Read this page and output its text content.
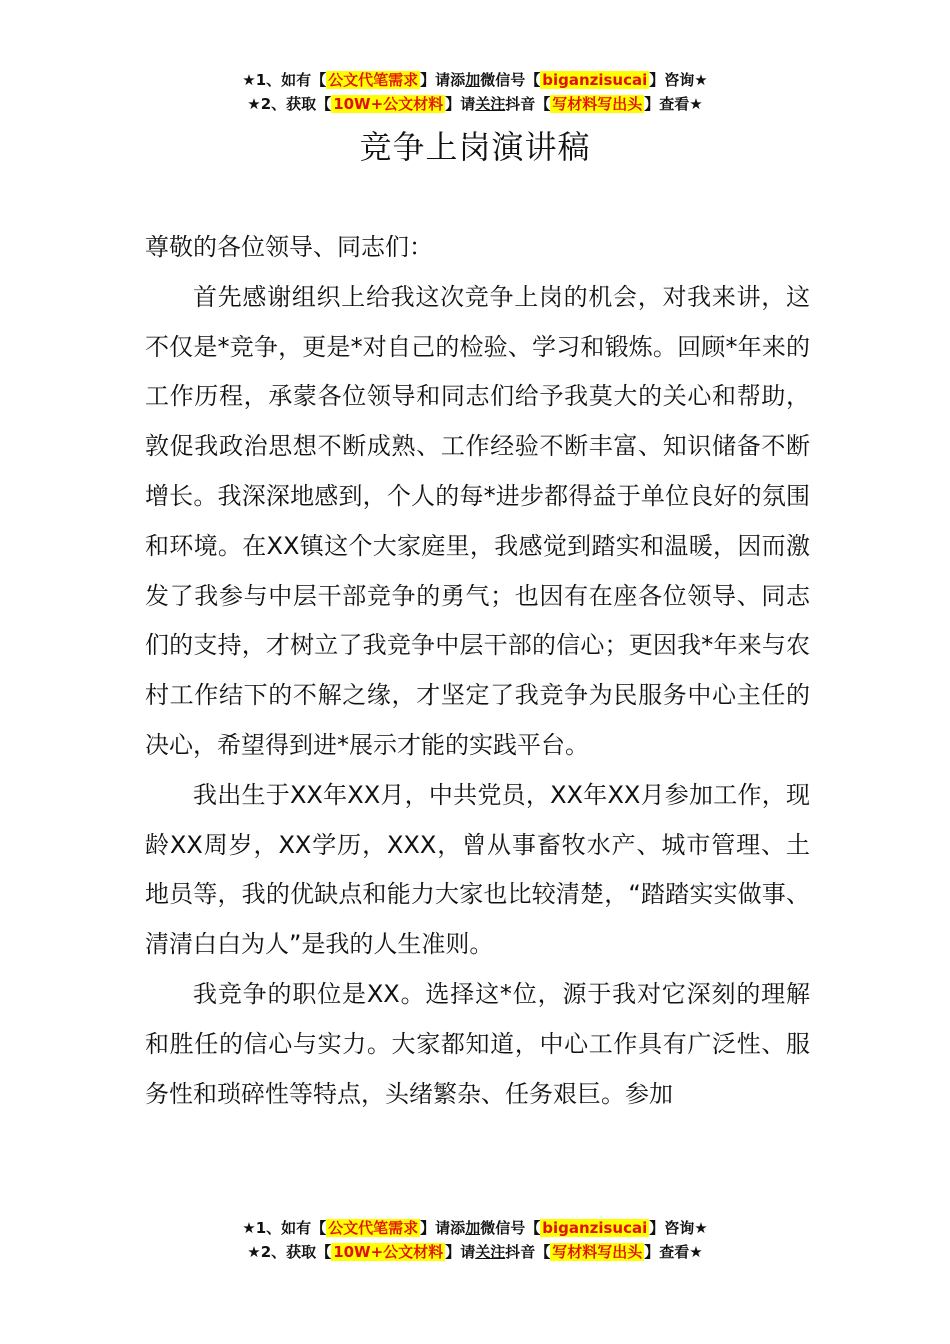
★1、如有【 公文代笔需求 】请添加微信号【 biganzisucai 】咨询★
★2、获取【 10W+公文材料 】请关注抖音【 写材料写出头 】查看★
竞争上岗演讲稿

尊敬的各位领导、同志们：

首先感谢组织上给我这次竞争上岗的机会，对我来讲，这不仅是*竞争，更是*对自己的检验、学习和锻炼。回顾*年来的工作历程，承蒙各位领导和同志们给予我莫大的关心和帮助，敦促我政治思想不断成熟、工作经验不断丰富、知识储备不断增长。我深深地感到，个人的每*进步都得益于单位良好的氛围和环境。在XX镇这个大家庭里，我感觉到踏实和温暖，因而激发了我参与中层干部竞争的勇气；也因有在座各位领导、同志们的支持，才树立了我竞争中层干部的信心；更因我*年来与农村工作结下的不解之缘，才坚定了我竞争为民服务中心主任的决心，希望得到进*展示才能的实践平台。

我出生于XX年XX月，中共党员，XX年XX月参加工作，现龄XX周岁，XX学历，XXX，曾从事畜牧水产、城市管理、土地员等，我的优缺点和能力大家也比较清楚，“踏踏实实做事、清清白白为人”是我的人生准则。

我竞争的职位是XX。选择这*位，源于我对它深刻的理解和胜任的信心与实力。大家都知道，中心工作具有广泛性、服务性和琐碎性等特点，头绪繁杂、任务艰巨。参加

★1、如有【 公文代笔需求 】请添加微信号【 biganzisucai 】咨询★
★2、获取【 10W+公文材料 】请关注抖音【 写材料写出头 】查看★
